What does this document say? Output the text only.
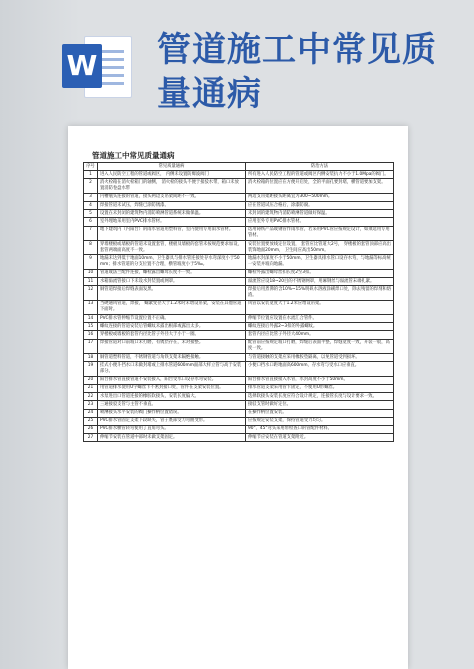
W 管道施工中常见质
量通病
管道施工中常见质量通病
序号	常见质量通病	防治方法
1	进入人民防空工程的管道或阀区， 内侧未设置防爆波阀门	所有进入人民防空工程的管道或阀区内侧安装抗力不小于1.0Mpa的阀门。
2	消火栓箱在消火栓箱门的轴侧， 消火栓的接头不便于接驳水带，箱口未放置消防卷盘水带	消火栓箱的位置应在方便开启处，全的平面孔要封堵，横管道要加支架。
3	内槽瓶头连接的管道，接头两边支吊架间距不一致。	两边支吊架距接头距离宜为300~500mm。
4	焊接管道未试压，焊缝已涂防锈漆。	应在管道试压合格后，涂漆防腐。
5	设置在未封闭的建筑物内消防喷淋管道系统未做保温。	未封闭的建筑物内消防喷淋管道做好保温。
6	室外埋地采用室内PVC排水管材。	应用室外专用PVC排水管材。
7	地下建筑内（内阳台）的雨水管道用塑料管，室内使用专用雨水管材。	选用铸铁产品或钢管作雨水管，若采用PVC管应按规定设计，如须选用专用管材。
8	穿墙楼板或墙板的管道未设置套管，楼板及墙板的套管未按规范要求加设，套管两端面高度不一致。	安装位置要放线定位设置， 套管应比管道大2号， 穿楼板的套管顶部应高出装饰地面20mm， 卫生间应高出50mm。
9	地漏未达到低于地面10mm，卫生器具与排水管连接处存水弯深度小于50mm；排水管道的分支位置不合理，横管坡度小于5‰。	地漏水封深度不小于50mm，卫生器具排水管口设存水弯，与地漏等标高统一安装并坡向地漏。
10	管道或法兰配件连接，螺栓露出螺母长度不一致。	螺栓外露出螺母丝扣长度2至3扣。
11	水箱溢流管接口下未设水封装置或网罩。	溢流管应设18~20目的不锈钢网罩，用麻钢丝与溢流管末端扎紧。
12	铜管道焊接后焊缝表面发黑。	焊接后用煮沸的含10%~15%明矾水溶液涂刷焊口处，除去残留的焊剂和熔渣。
13	当硬通风管道，焊接， 螺紧变径大于1.2米时未增设吊架，安装在其他管道下面时。	风管以安装宽度大于1.2米应增设吊架。
14	PVC排水管伸缩节设置位置不正确。	伸缩节位置应设置在水流汇合管件。
15	螺纹连接的管道安装后管螺纹未露出根部或露出太多。	螺纹连接后外露2~3扣的外露螺纹。
16	穿楼板或墙板的套管内径比管子外径大于小于一圈。	套管内径应比管子外径大40mm。
17	焊接管道对口前坡口未打磨，有锈层存在，未对接整。	配管前应按规定坡口打磨，焊缝后表面平整，焊缝宽度一致，开裂一般，高度一致。
18	铜管道塑料管道，不锈钢管道与角铁支架未隔绝接触。	与管道接触的支架应采用橡胶垫隔离，以免管道受到损坏。
19	挂式小便斗挡水口未做封堵或上排水管道600mm面部大样立管与高于安装部分。	小便口挡水口距地面高600mm，存水弯与受水口应垂直。
20	阳台排水管直接管道不安装接入，阳台受水口设存水弯安装。	阳台排水管直接接入水管，水封高度不小于50mm。
21	用管道排水使用U字螺丝卡不密封接口处，管件在支架安装位置。	排水管道支架采用管卡固定，不使用U形螺丝。
22	水泵进出口管道连接的橡胶软接头，安装长度偏大。	选择软接头安装长度应符合设计规定，连接管长度与设计要求一致。
23	三通接驳支管与主管不垂直。	接驳支管时做好定位。
24	喷淋接头水平安装的阀门操作柄位置错误。	在操作柄位置安装。
25	PVC排水管固定支架下段缺失，管子底部受力弯曲变形。	应按规定安装支架，保持管道受力均匀。
26	PVC排水横管转弯使用了直角弯头。	90°、45°弯头采用带检查口的管配件材料。
27	伸缩节安装在管道中部时未做支架固定。	伸缩节应安装在管道支架附近。
